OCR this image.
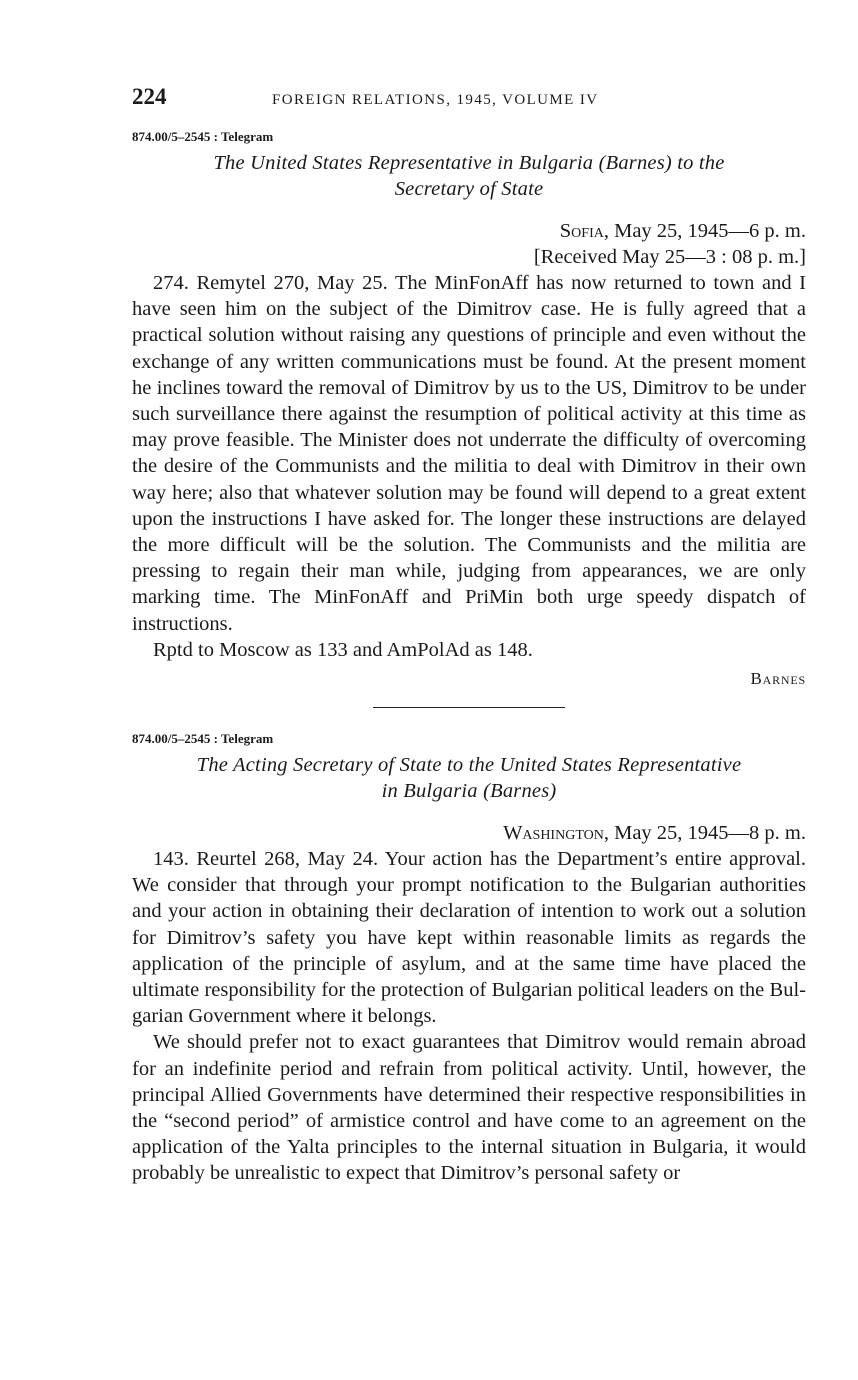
224	FOREIGN RELATIONS, 1945, VOLUME IV
874.00/5–2545 : Telegram
The United States Representative in Bulgaria (Barnes) to the
Secretary of State
Sofia, May 25, 1945—6 p. m.
[Received May 25—3 : 08 p. m.]

274. Remytel 270, May 25. The MinFonAff has now returned to town and I have seen him on the subject of the Dimitrov case. He is fully agreed that a practical solution without raising any questions of principle and even without the exchange of any written communications must be found. At the present moment he inclines toward the removal of Dimitrov by us to the US, Dimitrov to be under such surveillance there against the resumption of political activity at this time as may prove feasible. The Minister does not underrate the difficulty of overcoming the desire of the Communists and the militia to deal with Dimitrov in their own way here; also that whatever solution may be found will depend to a great extent upon the instructions I have asked for. The longer these instructions are delayed the more difficult will be the solution. The Communists and the militia are pressing to regain their man while, judging from appearances, we are only marking time. The MinFonAff and PriMin both urge speedy dispatch of instructions.

Rptd to Moscow as 133 and AmPolAd as 148.

Barnes
874.00/5–2545 : Telegram
The Acting Secretary of State to the United States Representative
in Bulgaria (Barnes)
Washington, May 25, 1945—8 p. m.

143. Reurtel 268, May 24. Your action has the Department’s entire approval. We consider that through your prompt notification to the Bulgarian authorities and your action in obtaining their declaration of intention to work out a solution for Dimitrov’s safety you have kept within reasonable limits as regards the application of the principle of asylum, and at the same time have placed the ultimate responsibility for the protection of Bulgarian political leaders on the Bulgarian Government where it belongs.

We should prefer not to exact guarantees that Dimitrov would remain abroad for an indefinite period and refrain from political activity. Until, however, the principal Allied Governments have determined their respective responsibilities in the “second period” of armistice control and have come to an agreement on the application of the Yalta principles to the internal situation in Bulgaria, it would probably be unrealistic to expect that Dimitrov’s personal safety or
